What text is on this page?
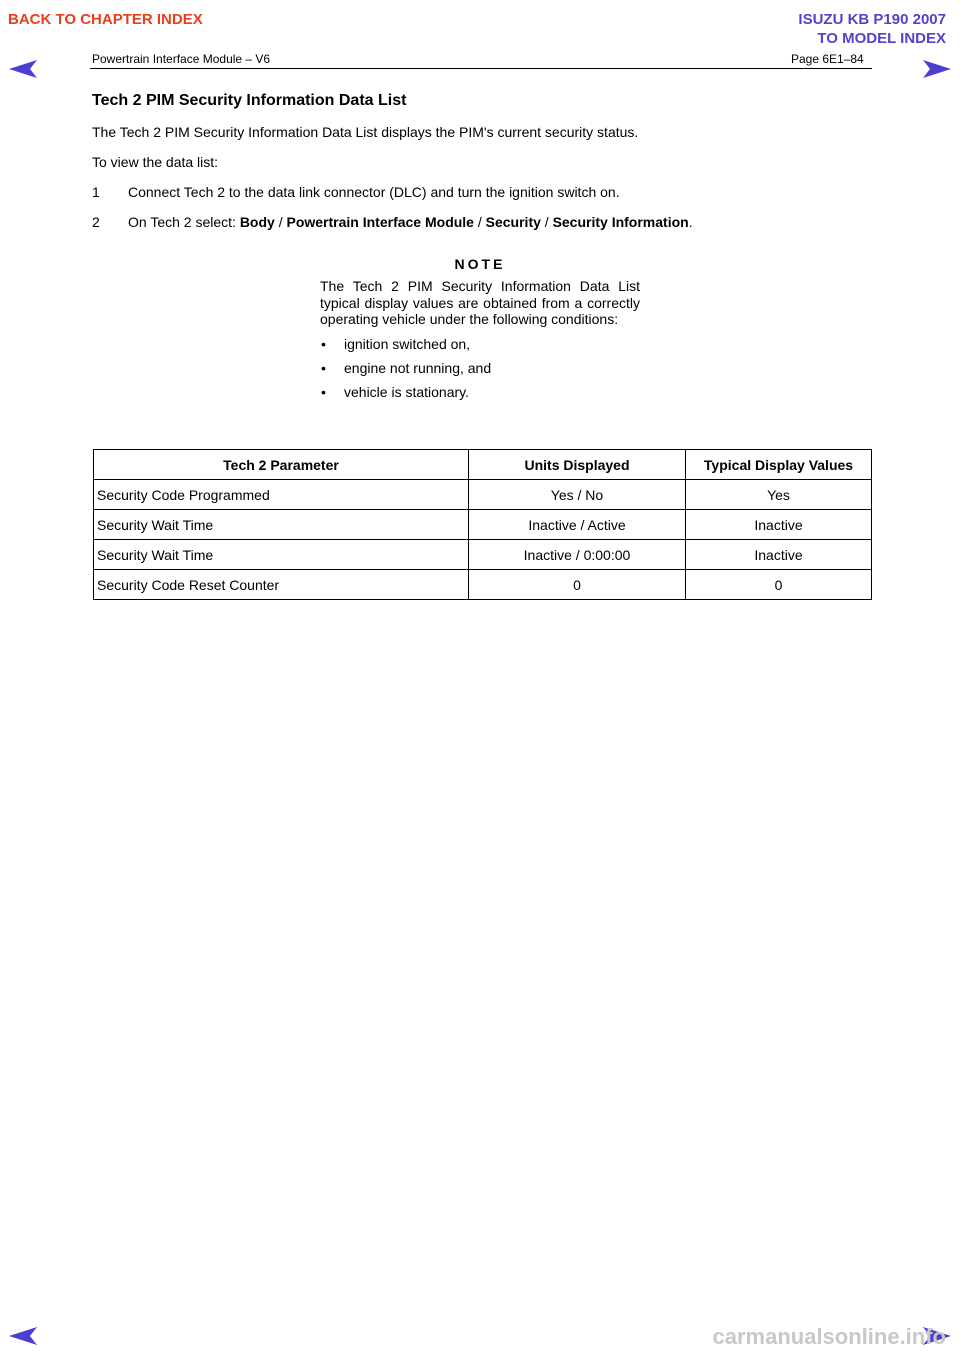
BACK TO CHAPTER INDEX	ISUZU KB P190 2007
TO MODEL INDEX
Powertrain Interface Module – V6	Page 6E1–84
Tech 2 PIM Security Information Data List

The Tech 2 PIM Security Information Data List displays the PIM's current security status.

To view the data list:

1	Connect Tech 2 to the data link connector (DLC) and turn the ignition switch on.
2	On Tech 2 select: Body / Powertrain Interface Module / Security / Security Information.
NOTE
The Tech 2 PIM Security Information Data List typical display values are obtained from a correctly operating vehicle under the following conditions:
•	ignition switched on,
•	engine not running, and
•	vehicle is stationary.
Tech 2 Parameter	Units Displayed	Typical Display Values
Security Code Programmed	Yes / No	Yes
Security Wait Time	Inactive / Active	Inactive
Security Wait Time	Inactive / 0:00:00	Inactive
Security Code Reset Counter	0	0
carmanualsonline.info
